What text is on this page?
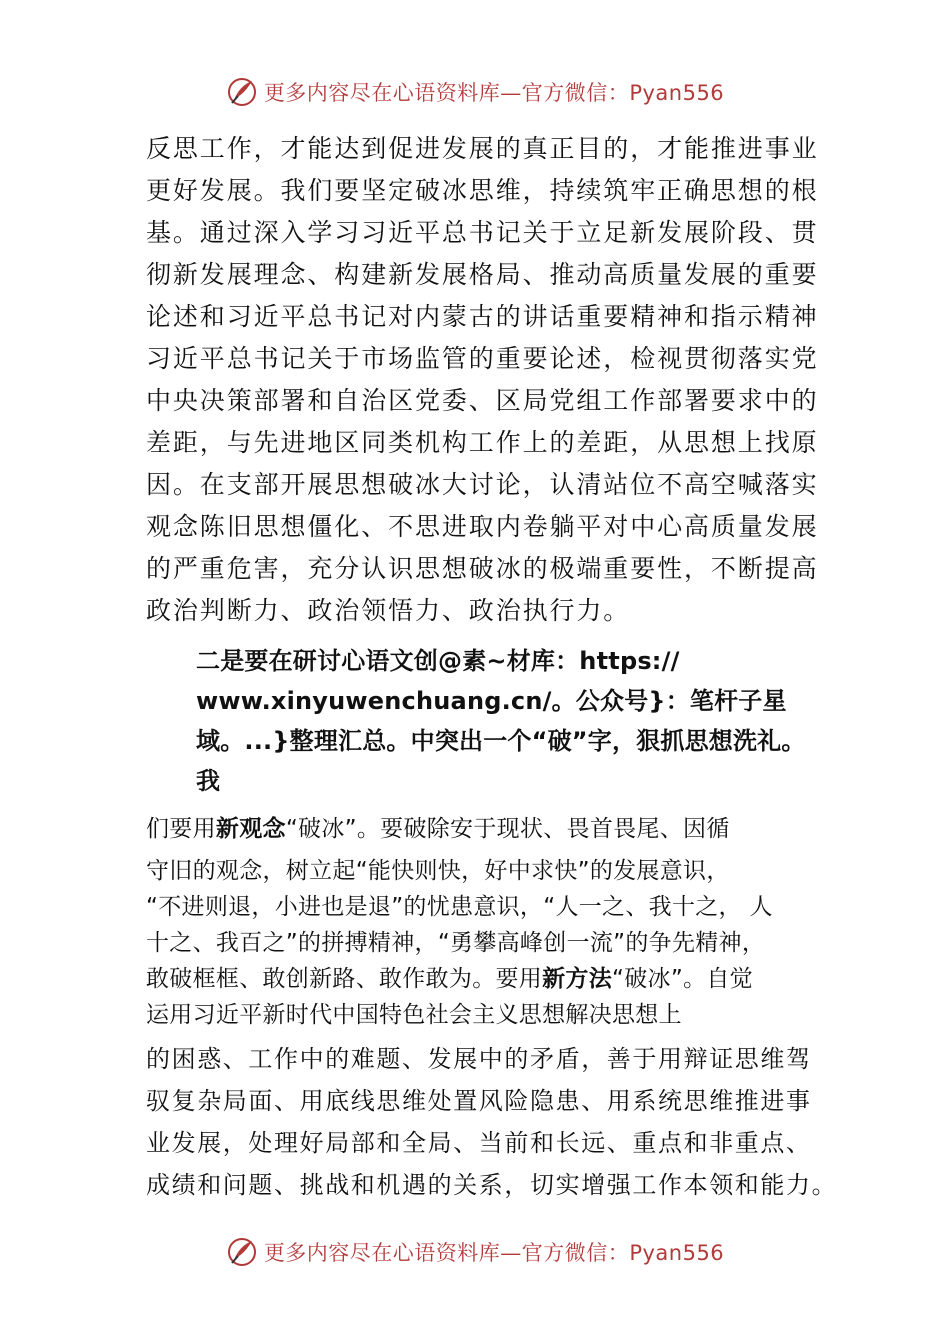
更多内容尽在心语资料库—官方微信：Pyan556
反思工作，才能达到促进发展的真正目的，才能推进事业
更好发展。我们要坚定破冰思维，持续筑牢正确思想的根
基。通过深入学习习近平总书记关于立足新发展阶段、贯
彻新发展理念、构建新发展格局、推动高质量发展的重要
论述和习近平总书记对内蒙古的讲话重要精神和指示精神
习近平总书记关于市场监管的重要论述，检视贯彻落实党
中央决策部署和自治区党委、区局党组工作部署要求中的
差距，与先进地区同类机构工作上的差距，从思想上找原
因。在支部开展思想破冰大讨论，认清站位不高空喊落实
观念陈旧思想僵化、不思进取内卷躺平对中心高质量发展
的严重危害，充分认识思想破冰的极端重要性，不断提高
政治判断力、政治领悟力、政治执行力。
二是要在研讨心语文创@素~材库：https://
www.xinyuwenchuang.cn/。公众号}：笔杆子星
域。...}整理汇总。中突出一个“破”字，狠抓思想洗礼。
我
们要用新观念“破冰”。要破除安于现状、畏首畏尾、因循
守旧的观念，树立起“能快则快，好中求快”的发展意识，
“不进则退，小进也是退”的忧患意识，“人一之、我十之， 人
十之、我百之”的拼搏精神，“勇攀高峰创一流”的争先精神，
敢破框框、敢创新路、敢作敢为。要用新方法“破冰”。自觉
运用习近平新时代中国特色社会主义思想解决思想上
的困惑、工作中的难题、发展中的矛盾，善于用辩证思维驾
驭复杂局面、用底线思维处置风险隐患、用系统思维推进事
业发展，处理好局部和全局、当前和长远、重点和非重点、
成绩和问题、挑战和机遇的关系，切实增强工作本领和能力。
更多内容尽在心语资料库—官方微信：Pyan556
